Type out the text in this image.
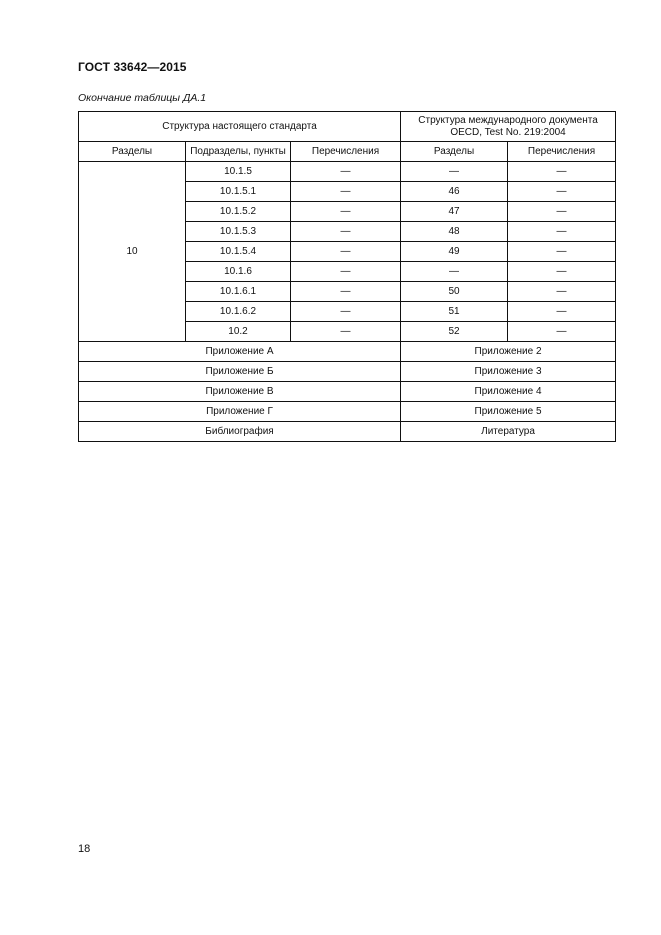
ГОСТ 33642—2015
Окончание таблицы ДА.1
Структура настоящего стандарта			Структура международного документа
OECD, Test No. 219:2004	

Разделы	Подразделы, пункты	Перечисления	Разделы	Перечисления
10	10.1.5	—	—	—
	10.1.5.1	—	46	—
	10.1.5.2	—	47	—
	10.1.5.3	—	48	—
	10.1.5.4	—	49	—
	10.1.6	—	—	—
	10.1.6.1	—	50	—
	10.1.6.2	—	51	—
	10.2	—	52	—
Приложение А			Приложение 2	
Приложение Б			Приложение 3	
Приложение В			Приложение 4	
Приложение Г			Приложение 5	
Библиография			Литература	
18
